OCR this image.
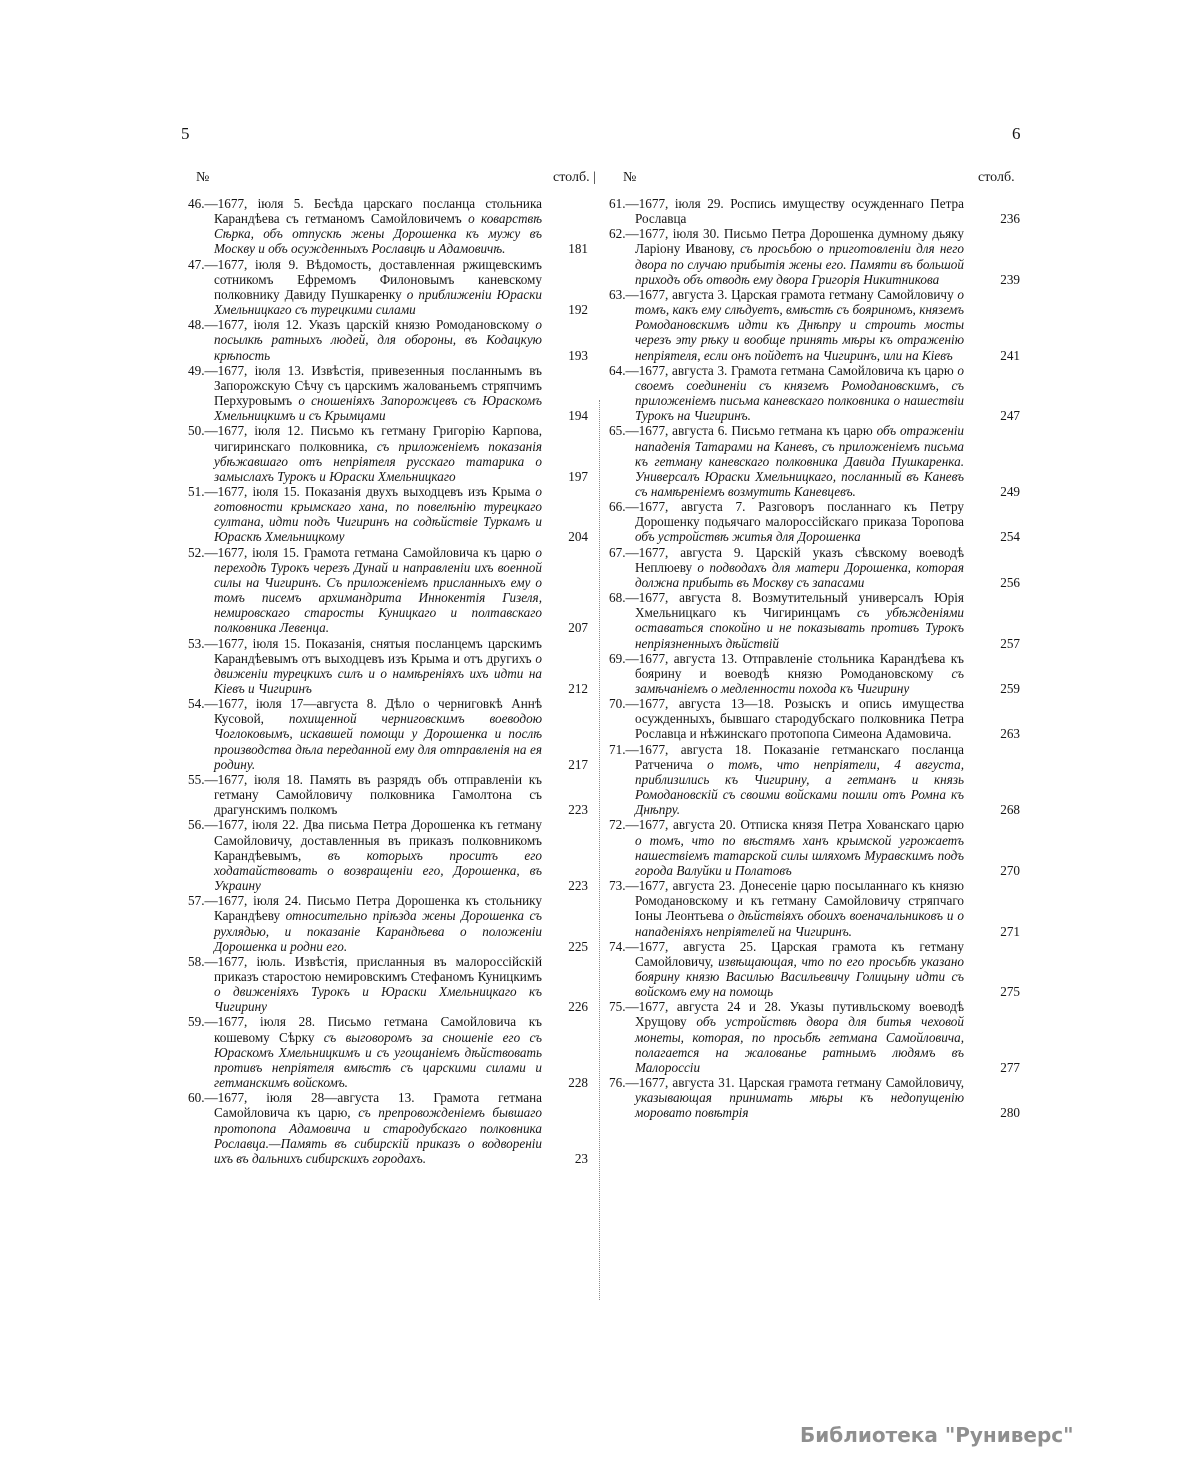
5	6
№	столб. | №	столб.

46.—1677, іюля 5. Бесѣда царскаго посланца стольника Карандѣева съ гетманомъ Самойловичемъ о коварствѣ Сѣрка, объ отпускѣ жены Дорошенка къ мужу въ Москву и объ осужденныхъ Рославцѣ и Адамовичѣ.	181

47.—1677, іюля 9. Вѣдомость, доставленная ржищевскимъ сотникомъ Ефремомъ Филоновымъ каневскому полковнику Давиду Пушкаренку о приближеніи Юраски Хмельницкаго съ турецкими силами	192

48.—1677, іюля 12. Указъ царскій князю Ромодановскому о посылкѣ ратныхъ людей, для обороны, въ Кодацкую крѣпость	193

49.—1677, іюля 13. Извѣстія, привезенныя посланнымъ въ Запорожскую Сѣчу съ царскимъ жалованьемъ стряпчимъ Перхуровымъ о сношеніяхъ Запорожцевъ съ Юраскомъ Хмельницкимъ и съ Крымцами	194

50.—1677, іюля 12. Письмо къ гетману Григорію Карпова, чигиринскаго полковника, съ приложеніемъ показанія убѣжавшаго отъ непріятеля русскаго татарика о замыслахъ Турокъ и Юраски Хмельницкаго	197

51.—1677, іюля 15. Показанія двухъ выходцевъ изъ Крыма о готовности крымскаго хана, по повелѣнію турецкаго султана, идти подъ Чигиринъ на содѣйствіе Туркамъ и Юраскѣ Хмельницкому	204

52.—1677, іюля 15. Грамота гетмана Самойловича къ царю о переходѣ Турокъ черезъ Дунай и направленіи ихъ военной силы на Чигиринъ. Съ приложеніемъ присланныхъ ему о томъ писемъ архимандрита Иннокентія Гизеля, немировскаго старосты Куницкаго и полтавскаго полковника Левенца.	207

53.—1677, іюля 15. Показанія, снятыя посланцемъ царскимъ Карандѣевымъ отъ выходцевъ изъ Крыма и отъ другихъ о движеніи турецкихъ силъ и о намѣреніяхъ ихъ идти на Кіевъ и Чигиринъ	212

54.—1677, іюля 17—августа 8. Дѣло о черниговкѣ Аннѣ Кусовой, похищенной черниговскимъ воеводою Чоглоковымъ, искавшей помощи у Дорошенка и послѣ производства дѣла переданной ему для отправленія на ея родину.	217

55.—1677, іюля 18. Память въ разрядъ объ отправленіи къ гетману Самойловичу полковника Гамолтона съ драгунскимъ полкомъ	223

56.—1677, іюля 22. Два письма Петра Дорошенка къ гетману Самойловичу, доставленныя въ приказъ полковникомъ Карандѣевымъ, въ которыхъ проситъ его ходатайствовать о возвращеніи его, Дорошенка, въ Украину	223

57.—1677, іюля 24. Письмо Петра Дорошенка къ стольнику Карандѣеву относительно пріѣзда жены Дорошенка съ рухлядью, и показаніе Карандѣева о положеніи Дорошенка и родни его.	225

58.—1677, іюль. Извѣстія, присланныя въ малороссійскій приказъ старостою немировскимъ Стефаномъ Куницкимъ о движеніяхъ Турокъ и Юраски Хмельницкаго къ Чигирину	226

59.—1677, іюля 28. Письмо гетмана Самойловича къ кошевому Сѣрку съ выговоромъ за сношеніе его съ Юраскомъ Хмельницкимъ и съ угощаніемъ дѣйствовать противъ непріятеля вмѣстѣ съ царскими силами и гетманскимъ войскомъ.	228

60.—1677, іюля 28—августа 13. Грамота гетмана Самойловича къ царю, съ препровожденіемъ бывшаго протопопа Адамовича и стародубскаго полковника Рославца.—Память въ сибирскій приказъ о водвореніи ихъ въ дальнихъ сибирскихъ городахъ.	23

61.—1677, іюля 29. Роспись имуществу осужденнаго Петра Рославца	236

62.—1677, іюля 30. Письмо Петра Дорошенка думному дьяку Ларіону Иванову, съ просьбою о приготовленіи для него двора по случаю прибытія жены его. Памяти въ большой приходъ объ отводѣ ему двора Григорія Никитникова	239

63.—1677, августа 3. Царская грамота гетману Самойловичу о томъ, какъ ему слѣдуетъ, вмѣстѣ съ бояриномъ, княземъ Ромодановскимъ идти къ Днѣпру и строить мосты черезъ эту рѣку и вообще принять мѣры къ отраженію непріятеля, если онъ пойдетъ на Чигиринъ, или на Кіевъ	241

64.—1677, августа 3. Грамота гетмана Самойловича къ царю о своемъ соединеніи съ княземъ Ромодановскимъ, съ приложеніемъ письма каневскаго полковника о нашествіи Турокъ на Чигиринъ.	247

65.—1677, августа 6. Письмо гетмана къ царю объ отраженіи нападенія Татарами на Каневъ, съ приложеніемъ письма къ гетману каневскаго полковника Давида Пушкаренка. Универсалъ Юраски Хмельницкаго, посланный въ Каневъ съ намѣреніемъ возмутить Каневцевъ.	249

66.—1677, августа 7. Разговоръ посланнаго къ Петру Дорошенку подьячаго малороссійскаго приказа Торопова объ устройствѣ житья для Дорошенка	254

67.—1677, августа 9. Царскій указъ сѣвскому воеводѣ Неплюеву о подводахъ для матери Дорошенка, которая должна прибыть въ Москву съ запасами	256

68.—1677, августа 8. Возмутительный универсалъ Юрія Хмельницкаго къ Чигиринцамъ съ убѣжденіями оставаться спокойно и не показывать противъ Турокъ непріязненныхъ дѣйствій	257

69.—1677, августа 13. Отправленіе стольника Карандѣева къ боярину и воеводѣ князю Ромодановскому съ замѣчаніемъ о медленности похода къ Чигирину	259

70.—1677, августа 13—18. Розыскъ и опись имущества осужденныхъ, бывшаго стародубскаго полковника Петра Рославца и нѣжинскаго протопопа Симеона Адамовича.	263

71.—1677, августа 18. Показаніе гетманскаго посланца Ратченича о томъ, что непріятели, 4 августа, приблизились къ Чигирину, а гетманъ и князь Ромодановскій съ своими войсками пошли отъ Ромна къ Днѣпру.	268

72.—1677, августа 20. Отписка князя Петра Хованскаго царю о томъ, что по вѣстямъ ханъ крымской угрожаетъ нашествіемъ татарской силы шляхомъ Муравскимъ подъ города Валуйки и Полатовъ	270

73.—1677, августа 23. Донесеніе царю посыланнаго къ князю Ромодановскому и къ гетману Самойловичу стряпчаго Іоны Леонтьева о дѣйствіяхъ обоихъ военачальниковъ и о нападеніяхъ непріятелей на Чигиринъ.	271

74.—1677, августа 25. Царская грамота къ гетману Самойловичу, извѣщающая, что по его просьбѣ указано боярину князю Василью Васильевичу Голицыну идти съ войскомъ ему на помощь	275

75.—1677, августа 24 и 28. Указы путивльскому воеводѣ Хрущову объ устройствѣ двора для битья чеховой монеты, которая, по просьбѣ гетмана Самойловича, полагается на жалованье ратнымъ людямъ въ Малороссіи	277

76.—1677, августа 31. Царская грамота гетману Самойловичу, указывающая принимать мѣры къ недопущенію моровато повѣтрія	280
Библиотека "Руниверс"
